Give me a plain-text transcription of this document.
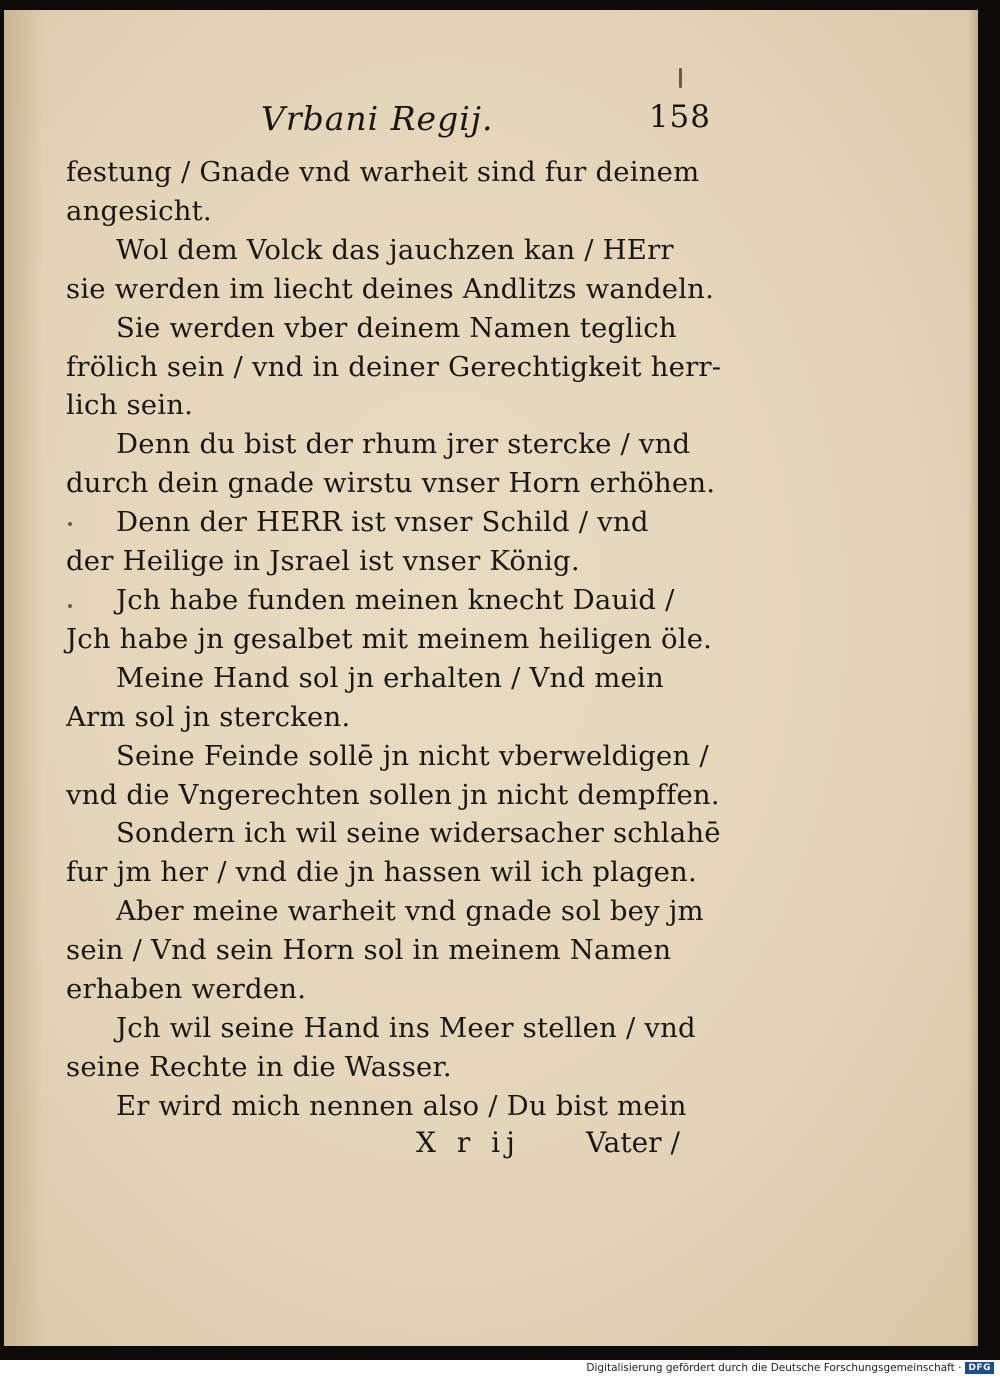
Vrbani Regij.	158
festung / Gnade vnd warheit sind fur deinem
angesicht.
Wol dem Volck das jauchzen kan / HErr
sie werden im liecht deines Andlitzs wandeln.
Sie werden vber deinem Namen teglich
frölich sein / vnd in deiner Gerechtigkeit herr-
lich sein.
Denn du bist der rhum jrer stercke / vnd
durch dein gnade wirstu vnser Horn erhöhen.
Denn der HERR ist vnser Schild / vnd
der Heilige in Jsrael ist vnser König.
Jch habe funden meinen knecht Dauid /
Jch habe jn gesalbet mit meinem heiligen öle.
Meine Hand sol jn erhalten / Vnd mein
Arm sol jn stercken.
Seine Feinde sollē jn nicht vberweldigen /
vnd die Vngerechten sollen jn nicht dempffen.
Sondern ich wil seine widersacher schlahē
fur jm her / vnd die jn hassen wil ich plagen.
Aber meine warheit vnd gnade sol bey jm
sein / Vnd sein Horn sol in meinem Namen
erhaben werden.
Jch wil seine Hand ins Meer stellen / vnd
seine Rechte in die Wasser.
Er wird mich nennen also / Du bist mein
X r ij Vater /
Digitalisierung gefördert durch die Deutsche Forschungsgemeinschaft · DFG
